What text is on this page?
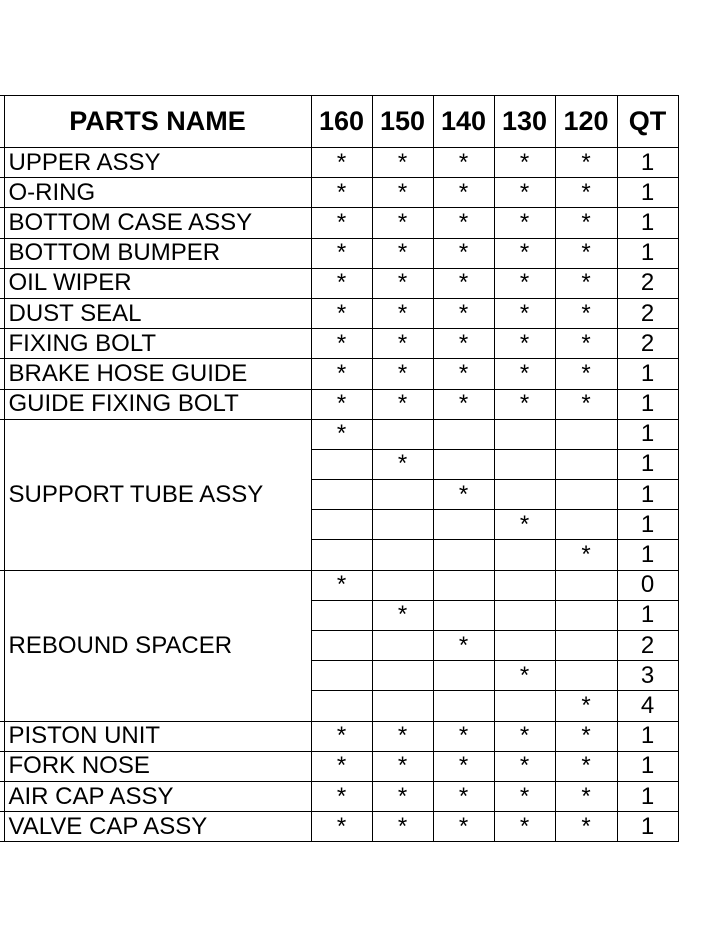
	PARTS NAME	160	150	140	130	120	QT
	UPPER ASSY	*	*	*	*	*	1
	O-RING	*	*	*	*	*	1
	BOTTOM CASE ASSY	*	*	*	*	*	1
	BOTTOM BUMPER	*	*	*	*	*	1
	OIL WIPER	*	*	*	*	*	2
	DUST SEAL	*	*	*	*	*	2
	FIXING BOLT	*	*	*	*	*	2
	BRAKE HOSE GUIDE	*	*	*	*	*	1
	GUIDE FIXING BOLT	*	*	*	*	*	1
	SUPPORT TUBE ASSY	*					1
			*				1
				*			1
					*		1
						*	1
	REBOUND SPACER	*					0
			*				1
				*			2
					*		3
						*	4
	PISTON UNIT	*	*	*	*	*	1
	FORK NOSE	*	*	*	*	*	1
	AIR CAP ASSY	*	*	*	*	*	1
	VALVE CAP ASSY	*	*	*	*	*	1
